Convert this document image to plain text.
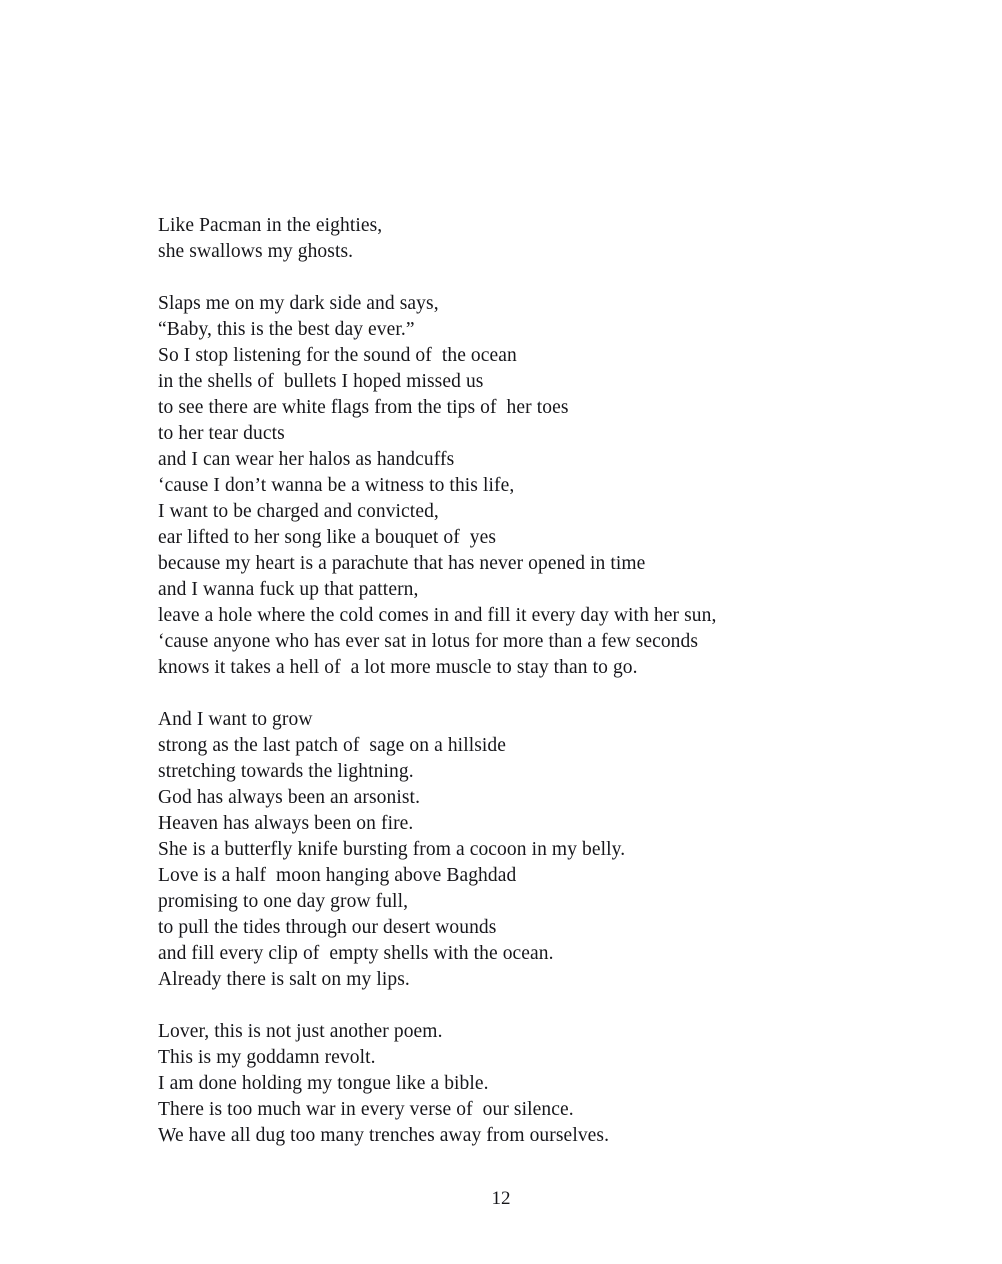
Like Pacman in the eighties,
she swallows my ghosts.
Slaps me on my dark side and says,
“Baby, this is the best day ever.”
So I stop listening for the sound of  the ocean
in the shells of  bullets I hoped missed us
to see there are white flags from the tips of  her toes
to her tear ducts
and I can wear her halos as handcuffs
‘cause I don’t wanna be a witness to this life,
I want to be charged and convicted,
ear lifted to her song like a bouquet of  yes
because my heart is a parachute that has never opened in time
and I wanna fuck up that pattern,
leave a hole where the cold comes in and fill it every day with her sun,
‘cause anyone who has ever sat in lotus for more than a few seconds
knows it takes a hell of  a lot more muscle to stay than to go.
And I want to grow
strong as the last patch of  sage on a hillside
stretching towards the lightning.
God has always been an arsonist.
Heaven has always been on fire.
She is a butterfly knife bursting from a cocoon in my belly.
Love is a half  moon hanging above Baghdad
promising to one day grow full,
to pull the tides through our desert wounds
and fill every clip of  empty shells with the ocean.
Already there is salt on my lips.
Lover, this is not just another poem.
This is my goddamn revolt.
I am done holding my tongue like a bible.
There is too much war in every verse of  our silence.
We have all dug too many trenches away from ourselves.
12
